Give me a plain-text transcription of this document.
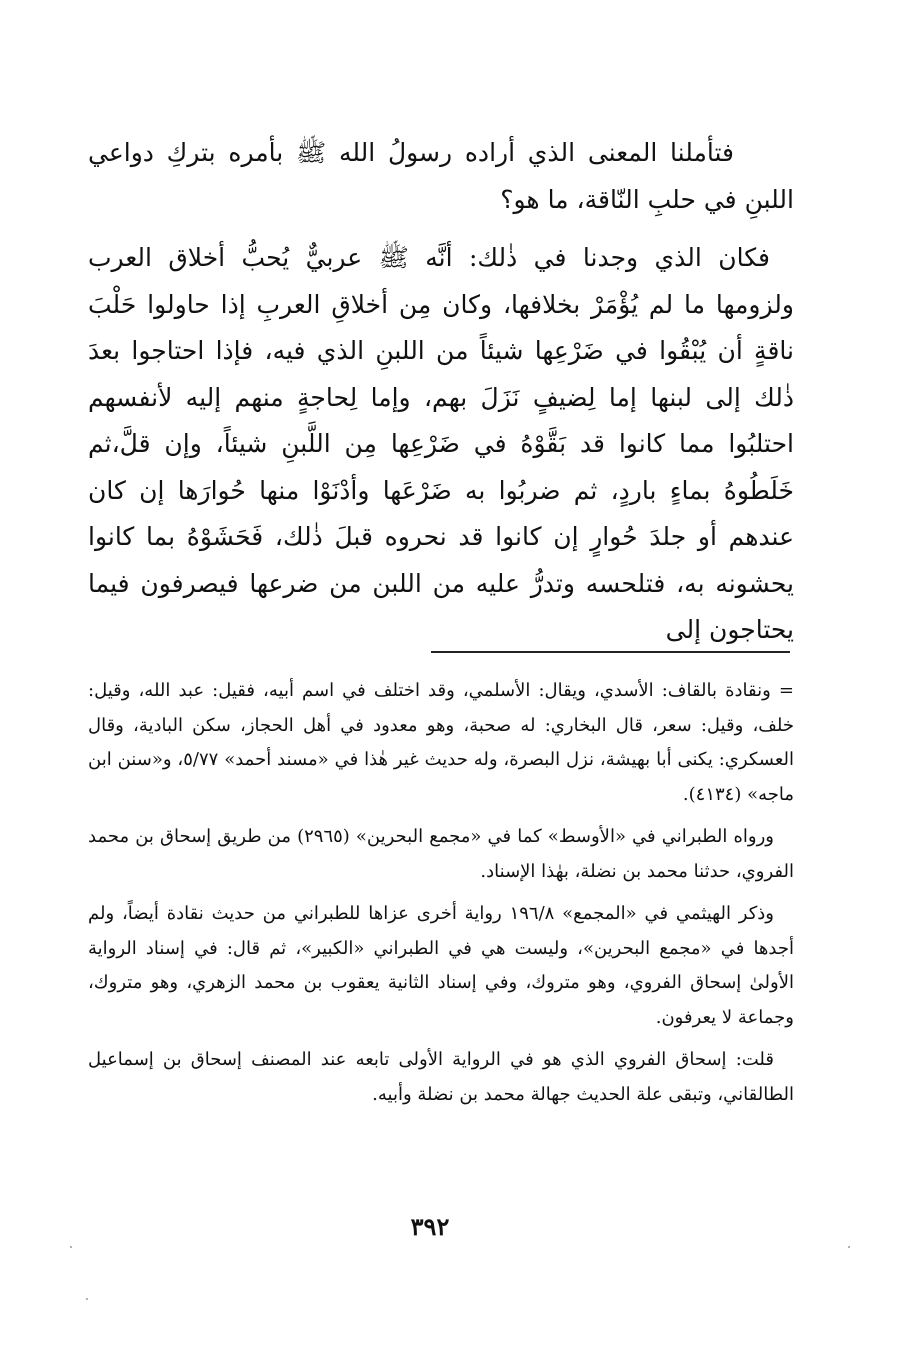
فتأملنا المعنى الذي أراده رسولُ الله ﷺ بأمره بتركِ دواعي اللبنِ في حلبِ النّاقة، ما هو؟

فكان الذي وجدنا في ذٰلك: أنَّه ﷺ عربيٌّ يُحبُّ أخلاق العرب ولزومها ما لم يُؤْمَرْ بخلافها، وكان مِن أخلاقِ العربِ إذا حاولوا حَلْبَ ناقةٍ أن يُبْقُوا في ضَرْعِها شيئاً من اللبنِ الذي فيه، فإذا احتاجوا بعدَ ذٰلك إلى لبنها إما لِضيفٍ نَزَلَ بهم، وإما لِحاجةٍ منهم إليه لأنفسهم احتلبُوا مما كانوا قد بَقَّوْهُ في ضَرْعِها مِن اللَّبنِ شيئاً، وإن قلَّ،ثم خَلَطُوهُ بماءٍ باردٍ، ثم ضربُوا به ضَرْعَها وأدْنَوْا منها حُوارَها إن كان عندهم أو جلدَ حُوارٍ إن كانوا قد نحروه قبلَ ذٰلك، فَحَشَوْهُ بما كانوا يحشونه به، فتلحسه وتدرُّ عليه من اللبن من ضرعها فيصرفون فيما يحتاجون إلى

= ونقادة بالقاف: الأسدي، ويقال: الأسلمي، وقد اختلف في اسم أبيه، فقيل: عبد الله، وقيل: خلف، وقيل: سعر، قال البخاري: له صحبة، وهو معدود في أهل الحجاز، سكن البادية، وقال العسكري: يكنى أبا بهيشة، نزل البصرة، وله حديث غير هٰذا في «مسند أحمد» ٥/٧٧، و«سنن ابن ماجه» (٤١٣٤).

ورواه الطبراني في «الأوسط» كما في «مجمع البحرين» (٢٩٦٥) من طريق إسحاق بن محمد الفروي، حدثنا محمد بن نضلة، بهٰذا الإسناد.

وذكر الهيثمي في «المجمع» ١٩٦/٨ رواية أخرى عزاها للطبراني من حديث نقادة أيضاً، ولم أجدها في «مجمع البحرين»، وليست هي في الطبراني «الكبير»، ثم قال: في إسناد الرواية الأولىٰ إسحاق الفروي، وهو متروك، وفي إسناد الثانية يعقوب بن محمد الزهري، وهو متروك، وجماعة لا يعرفون.

قلت: إسحاق الفروي الذي هو في الرواية الأولى تابعه عند المصنف إسحاق بن إسماعيل الطالقاني، وتبقى علة الحديث جهالة محمد بن نضلة وأبيه.

٣٩٢
